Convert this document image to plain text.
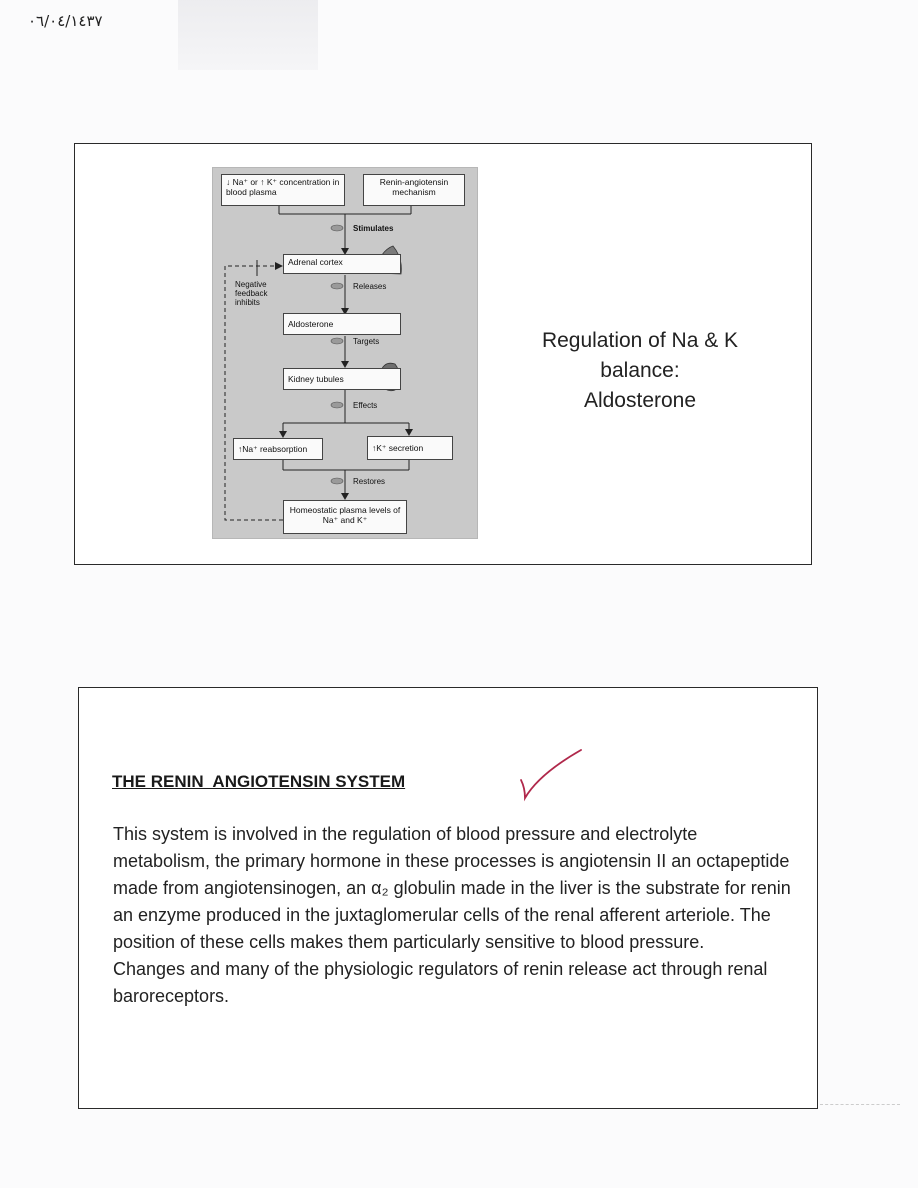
٠٦/٠٤/١٤٣٧
↓ Na⁺ or ↑ K⁺ concentration in blood plasma
Renin-angiotensin mechanism
Stimulates
Adrenal cortex
Negative feedback inhibits
Releases
Aldosterone
Targets
Kidney tubules
Effects
↑Na⁺ reabsorption	↑K⁺ secretion
Restores
Homeostatic plasma levels of Na⁺ and K⁺
Regulation of Na & K
balance:
Aldosterone
THE RENIN  ANGIOTENSIN SYSTEM

This system is involved in the regulation of blood pressure and electrolyte metabolism, the primary hormone in these processes is angiotensin II an octapeptide made from angiotensinogen, an α₂ globulin made in the liver is the substrate for renin an enzyme produced in the juxtaglomerular cells of the renal afferent arteriole. The position of these cells makes them particularly sensitive to blood pressure.

Changes and many of the physiologic regulators of renin release act through renal baroreceptors.
